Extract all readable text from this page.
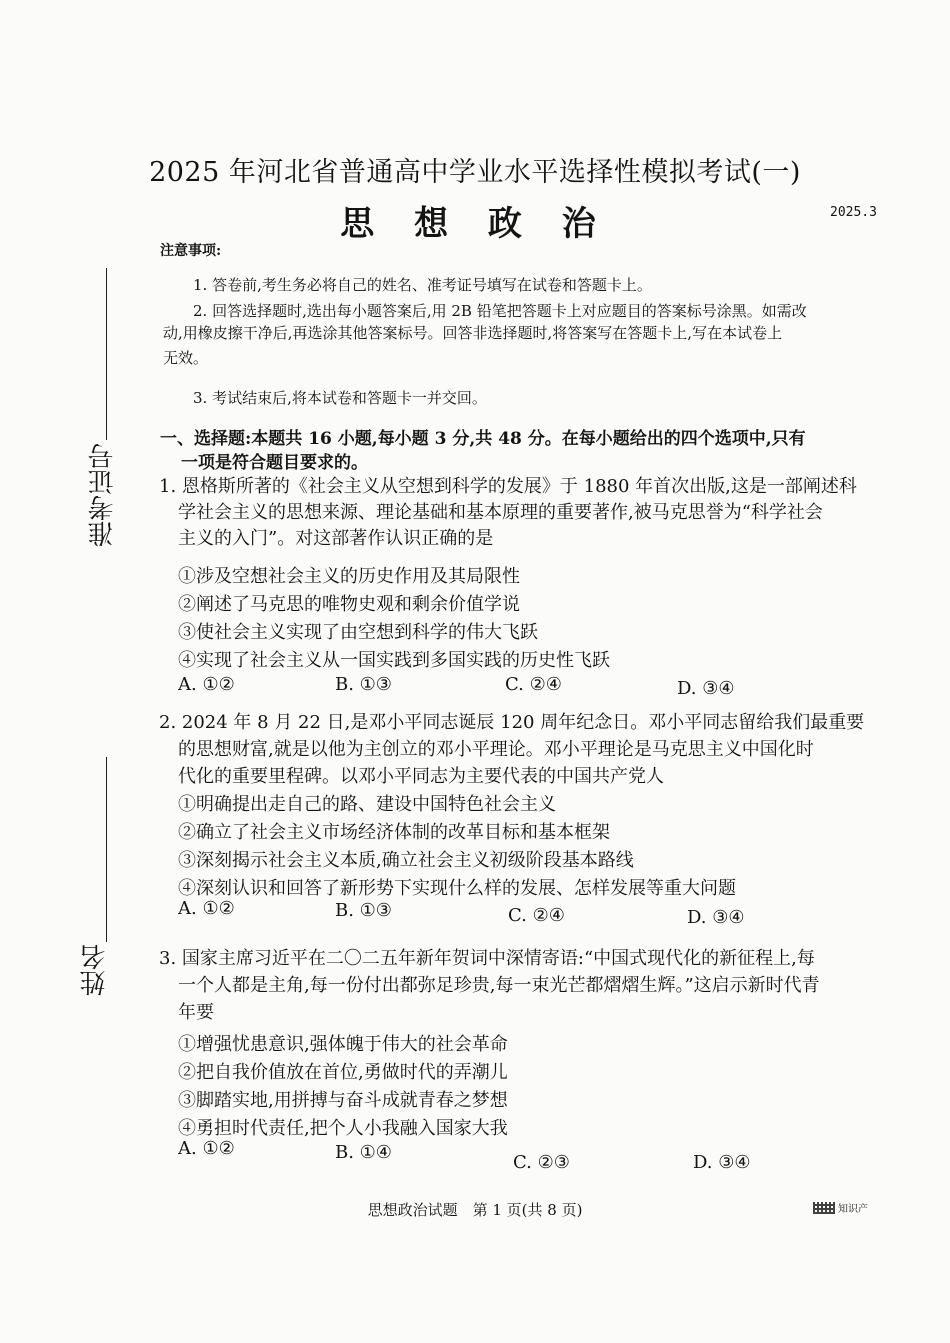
2025 年河北省普通高中学业水平选择性模拟考试(一)
思 想 政 治	2025.3
注意事项:
1. 答卷前,考生务必将自己的姓名、准考证号填写在试卷和答题卡上。
2. 回答选择题时,选出每小题答案后,用 2B 铅笔把答题卡上对应题目的答案标号涂黑。如需改
动,用橡皮擦干净后,再选涂其他答案标号。回答非选择题时,将答案写在答题卡上,写在本试卷上
无效。
3. 考试结束后,将本试卷和答题卡一并交回。
一、选择题:本题共 16 小题,每小题 3 分,共 48 分。在每小题给出的四个选项中,只有
一项是符合题目要求的。
1. 恩格斯所著的《社会主义从空想到科学的发展》于 1880 年首次出版,这是一部阐述科
学社会主义的思想来源、理论基础和基本原理的重要著作,被马克思誉为“科学社会
主义的入门”。对这部著作认识正确的是
①涉及空想社会主义的历史作用及其局限性
②阐述了马克思的唯物史观和剩余价值学说
③使社会主义实现了由空想到科学的伟大飞跃
④实现了社会主义从一国实践到多国实践的历史性飞跃
A. ①②	B. ①③	C. ②④	D. ③④
2. 2024 年 8 月 22 日,是邓小平同志诞辰 120 周年纪念日。邓小平同志留给我们最重要
的思想财富,就是以他为主创立的邓小平理论。邓小平理论是马克思主义中国化时
代化的重要里程碑。以邓小平同志为主要代表的中国共产党人
①明确提出走自己的路、建设中国特色社会主义
②确立了社会主义市场经济体制的改革目标和基本框架
③深刻揭示社会主义本质,确立社会主义初级阶段基本路线
④深刻认识和回答了新形势下实现什么样的发展、怎样发展等重大问题
A. ①②	B. ①③	C. ②④	D. ③④
3. 国家主席习近平在二〇二五年新年贺词中深情寄语:“中国式现代化的新征程上,每
一个人都是主角,每一份付出都弥足珍贵,每一束光芒都熠熠生辉。”这启示新时代青
年要
①增强忧患意识,强体魄于伟大的社会革命
②把自我价值放在首位,勇做时代的弄潮儿
③脚踏实地,用拼搏与奋斗成就青春之梦想
④勇担时代责任,把个人小我融入国家大我
A. ①②	B. ①④	C. ②③	D. ③④
准考证号
姓名
思想政治试题　第 1 页(共 8 页)	知识产
